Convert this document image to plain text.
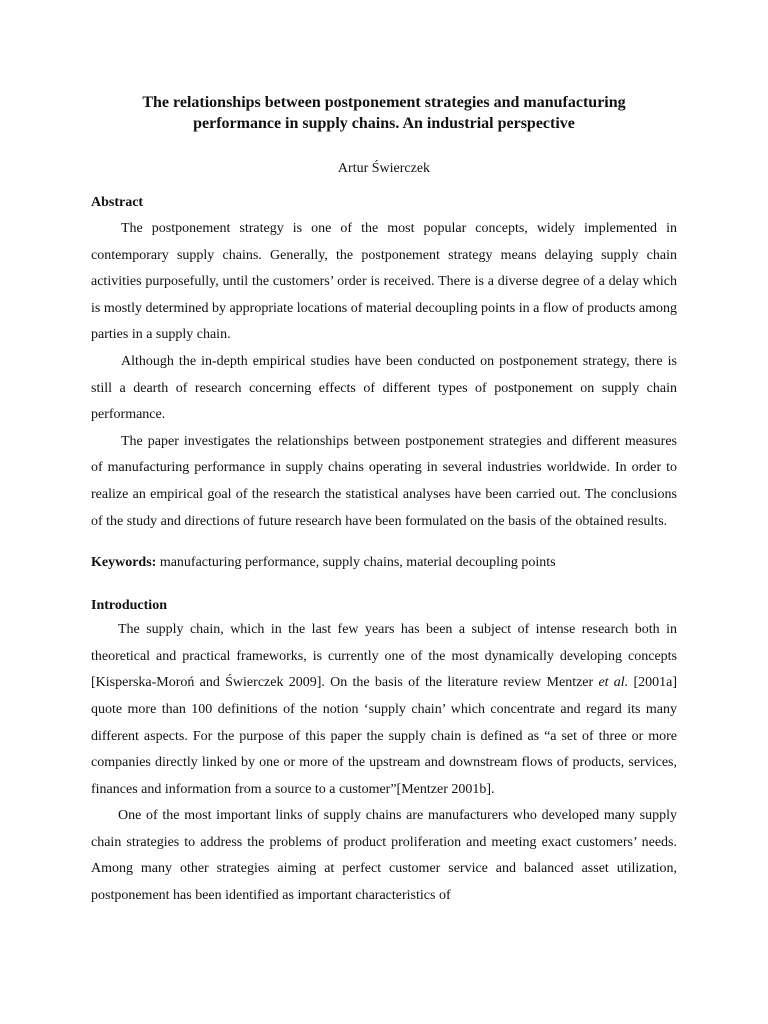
The relationships between postponement strategies and manufacturing
performance in supply chains. An industrial perspective

Artur Świerczek

Abstract

The postponement strategy is one of the most popular concepts, widely implemented in contemporary supply chains. Generally, the postponement strategy means delaying supply chain activities purposefully, until the customers’ order is received. There is a diverse degree of a delay which is mostly determined by appropriate locations of material decoupling points in a flow of products among parties in a supply chain.

Although the in-depth empirical studies have been conducted on postponement strategy, there is still a dearth of research concerning effects of different types of postponement on supply chain performance.

The paper investigates the relationships between postponement strategies and different measures of manufacturing performance in supply chains operating in several industries worldwide. In order to realize an empirical goal of the research the statistical analyses have been carried out. The conclusions of the study and directions of future research have been formulated on the basis of the obtained results.

Keywords: manufacturing performance, supply chains, material decoupling points

Introduction

The supply chain, which in the last few years has been a subject of intense research both in theoretical and practical frameworks, is currently one of the most dynamically developing concepts [Kisperska-Moroń and Świerczek 2009]. On the basis of the literature review Mentzer et al. [2001a] quote more than 100 definitions of the notion ‘supply chain’ which concentrate and regard its many different aspects. For the purpose of this paper the supply chain is defined as “a set of three or more companies directly linked by one or more of the upstream and downstream flows of products, services, finances and information from a source to a customer”[Mentzer 2001b].

One of the most important links of supply chains are manufacturers who developed many supply chain strategies to address the problems of product proliferation and meeting exact customers’ needs. Among many other strategies aiming at perfect customer service and balanced asset utilization, postponement has been identified as important characteristics of
